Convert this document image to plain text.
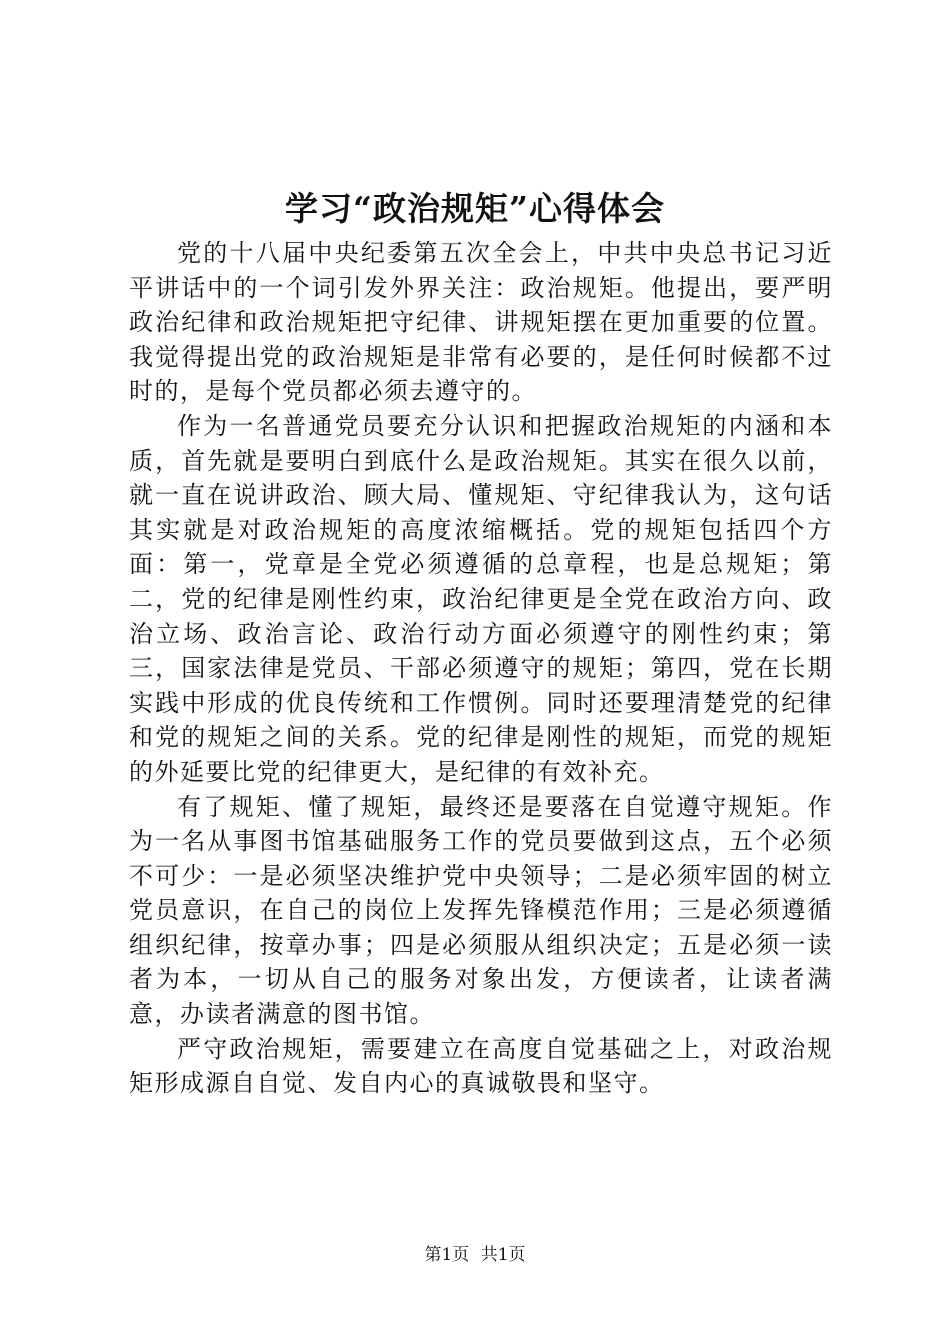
学习“政治规矩”心得体会

党的十八届中央纪委第五次全会上，中共中央总书记习近平讲话中的一个词引发外界关注：政治规矩。他提出，要严明政治纪律和政治规矩把守纪律、讲规矩摆在更加重要的位置。我觉得提出党的政治规矩是非常有必要的，是任何时候都不过时的，是每个党员都必须去遵守的。

作为一名普通党员要充分认识和把握政治规矩的内涵和本质，首先就是要明白到底什么是政治规矩。其实在很久以前，就一直在说讲政治、顾大局、懂规矩、守纪律我认为，这句话其实就是对政治规矩的高度浓缩概括。党的规矩包括四个方面：第一，党章是全党必须遵循的总章程，也是总规矩；第二，党的纪律是刚性约束，政治纪律更是全党在政治方向、政治立场、政治言论、政治行动方面必须遵守的刚性约束；第三，国家法律是党员、干部必须遵守的规矩；第四，党在长期实践中形成的优良传统和工作惯例。同时还要理清楚党的纪律和党的规矩之间的关系。党的纪律是刚性的规矩，而党的规矩的外延要比党的纪律更大，是纪律的有效补充。

有了规矩、懂了规矩，最终还是要落在自觉遵守规矩。作为一名从事图书馆基础服务工作的党员要做到这点，五个必须不可少：一是必须坚决维护党中央领导；二是必须牢固的树立党员意识，在自己的岗位上发挥先锋模范作用；三是必须遵循组织纪律，按章办事；四是必须服从组织决定；五是必须一读者为本，一切从自己的服务对象出发，方便读者，让读者满意，办读者满意的图书馆。

严守政治规矩，需要建立在高度自觉基础之上，对政治规矩形成源自自觉、发自内心的真诚敬畏和坚守。

第1页 共1页
